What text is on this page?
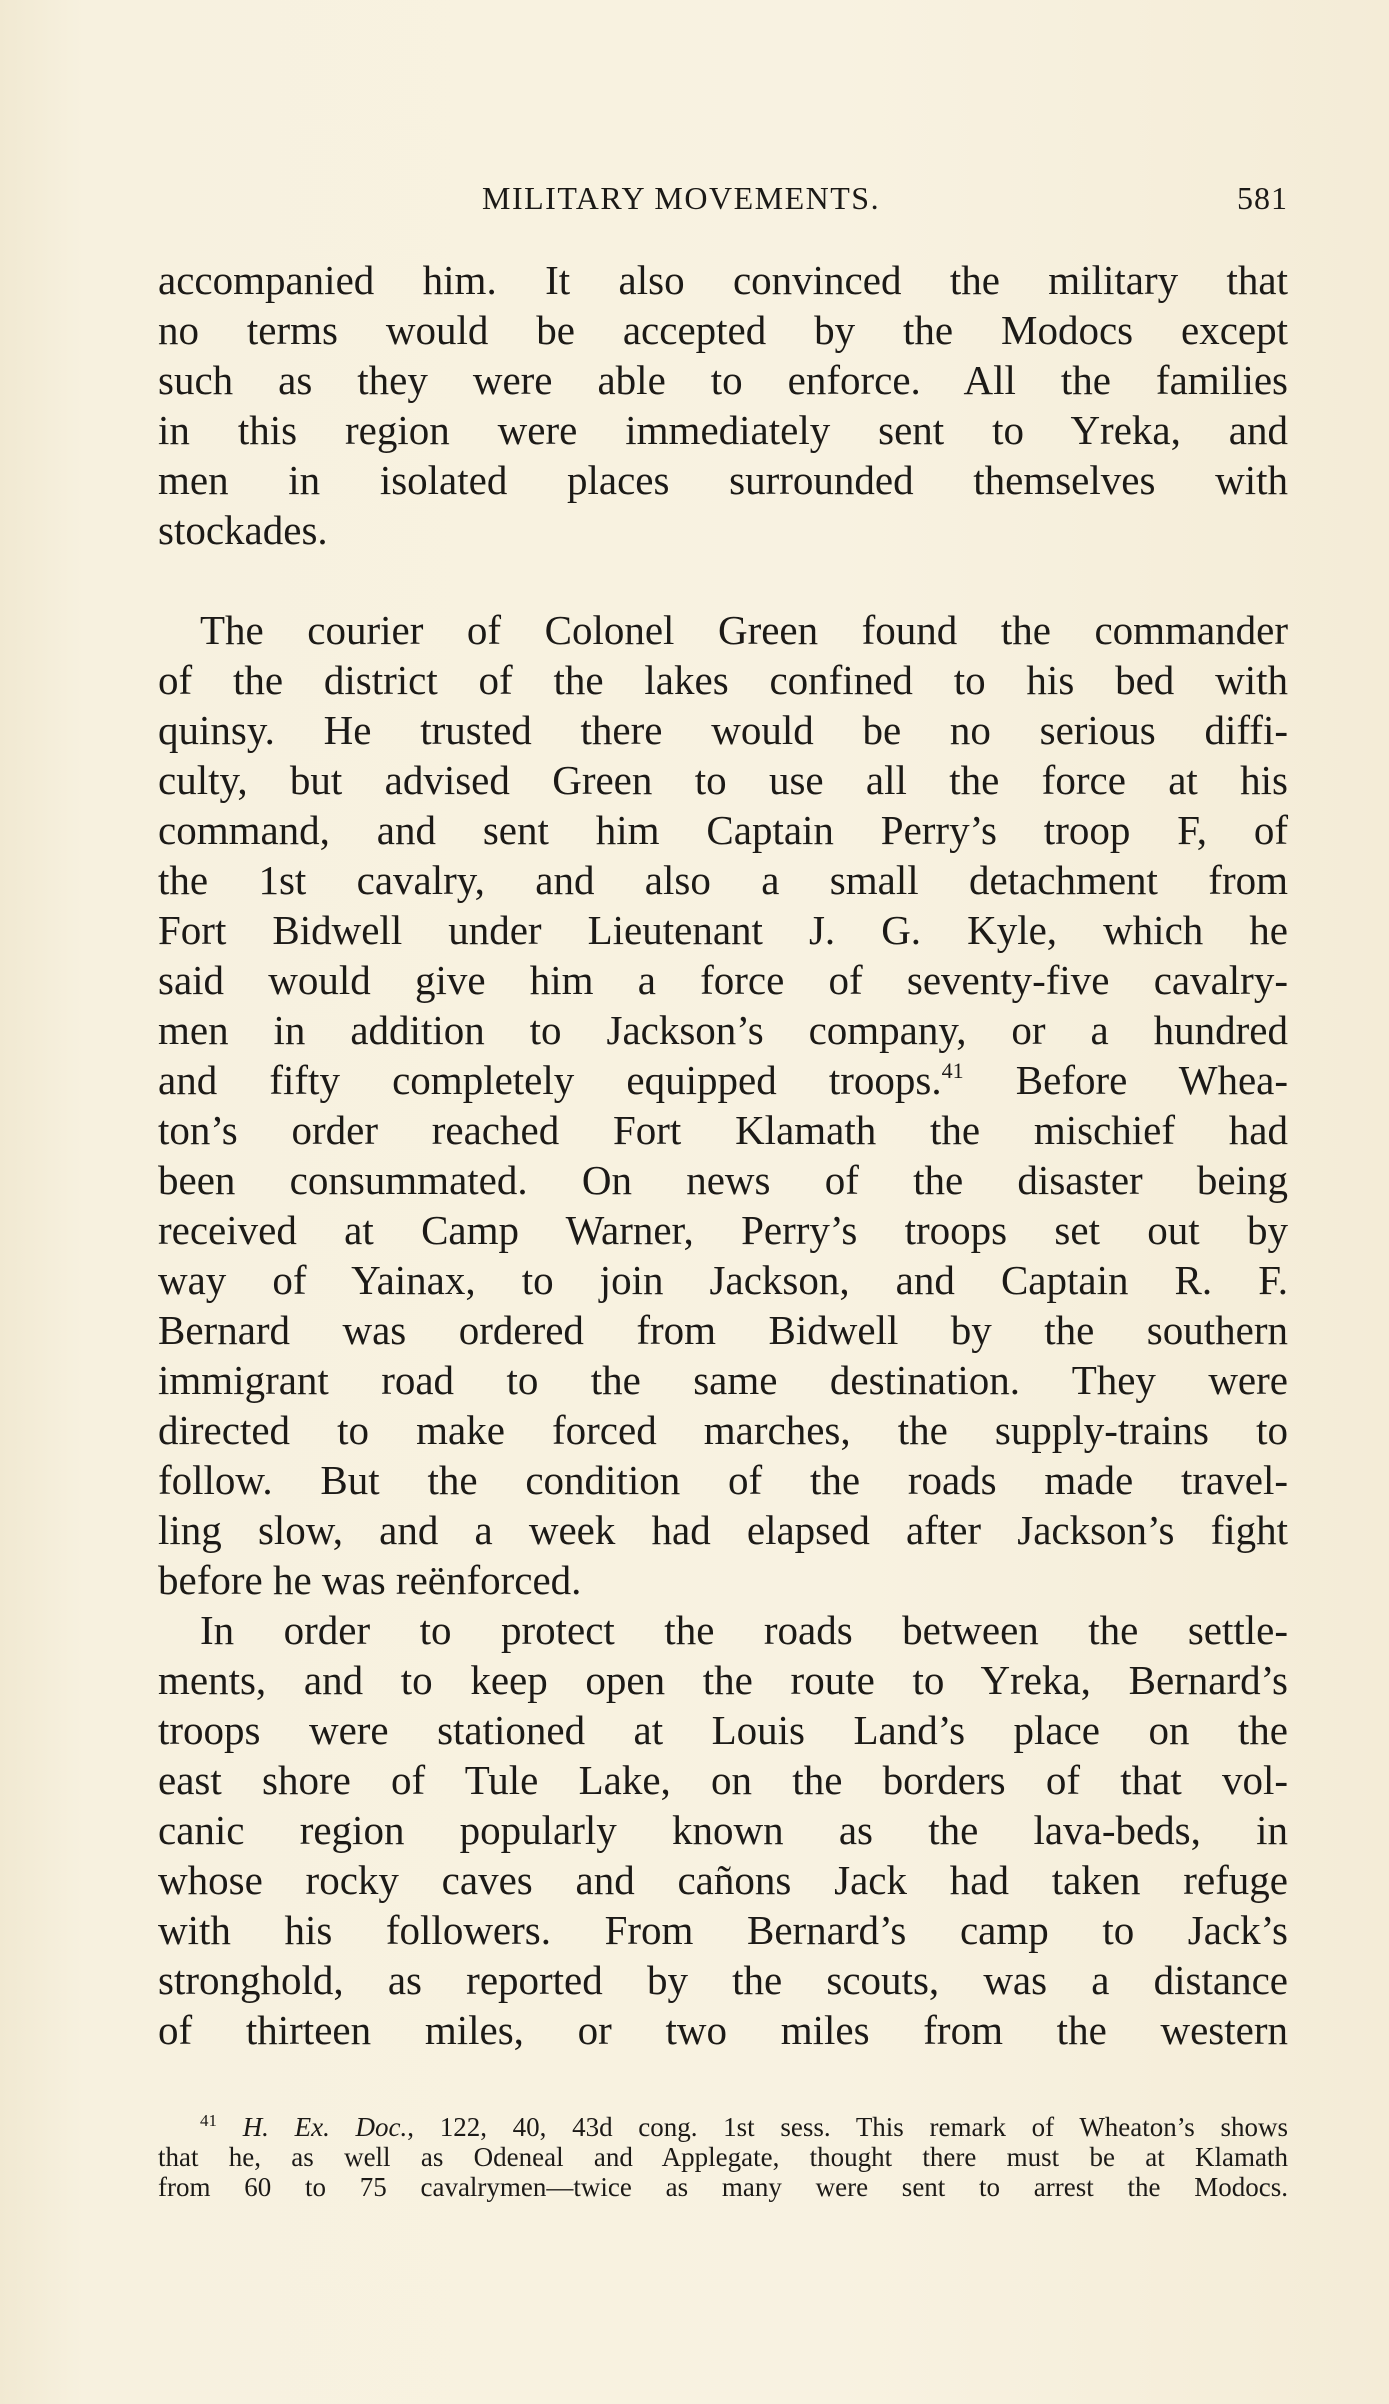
MILITARY MOVEMENTS.	581
accompanied him. It also convinced the military that
no terms would be accepted by the Modocs except
such as they were able to enforce. All the families
in this region were immediately sent to Yreka, and
men in isolated places surrounded themselves with
stockades.
The courier of Colonel Green found the commander
of the district of the lakes confined to his bed with
quinsy. He trusted there would be no serious diffi-
culty, but advised Green to use all the force at his
command, and sent him Captain Perry’s troop F, of
the 1st cavalry, and also a small detachment from
Fort Bidwell under Lieutenant J. G. Kyle, which he
said would give him a force of seventy-five cavalry-
men in addition to Jackson’s company, or a hundred
and fifty completely equipped troops.$^{41}$ Before Whea-
ton’s order reached Fort Klamath the mischief had
been consummated. On news of the disaster being
received at Camp Warner, Perry’s troops set out by
way of Yainax, to join Jackson, and Captain R. F.
Bernard was ordered from Bidwell by the southern
immigrant road to the same destination. They were
directed to make forced marches, the supply-trains to
follow. But the condition of the roads made travel-
ling slow, and a week had elapsed after Jackson’s fight
before he was reënforced.
In order to protect the roads between the settle-
ments, and to keep open the route to Yreka, Bernard’s
troops were stationed at Louis Land’s place on the
east shore of Tule Lake, on the borders of that vol-
canic region popularly known as the lava-beds, in
whose rocky caves and cañons Jack had taken refuge
with his followers. From Bernard’s camp to Jack’s
stronghold, as reported by the scouts, was a distance
of thirteen miles, or two miles from the western
$^{41}$ H. Ex. Doc., 122, 40, 43d cong. 1st sess. This remark of Wheaton’s shows
that he, as well as Odeneal and Applegate, thought there must be at Klamath
from 60 to 75 cavalrymen—twice as many were sent to arrest the Modocs.
